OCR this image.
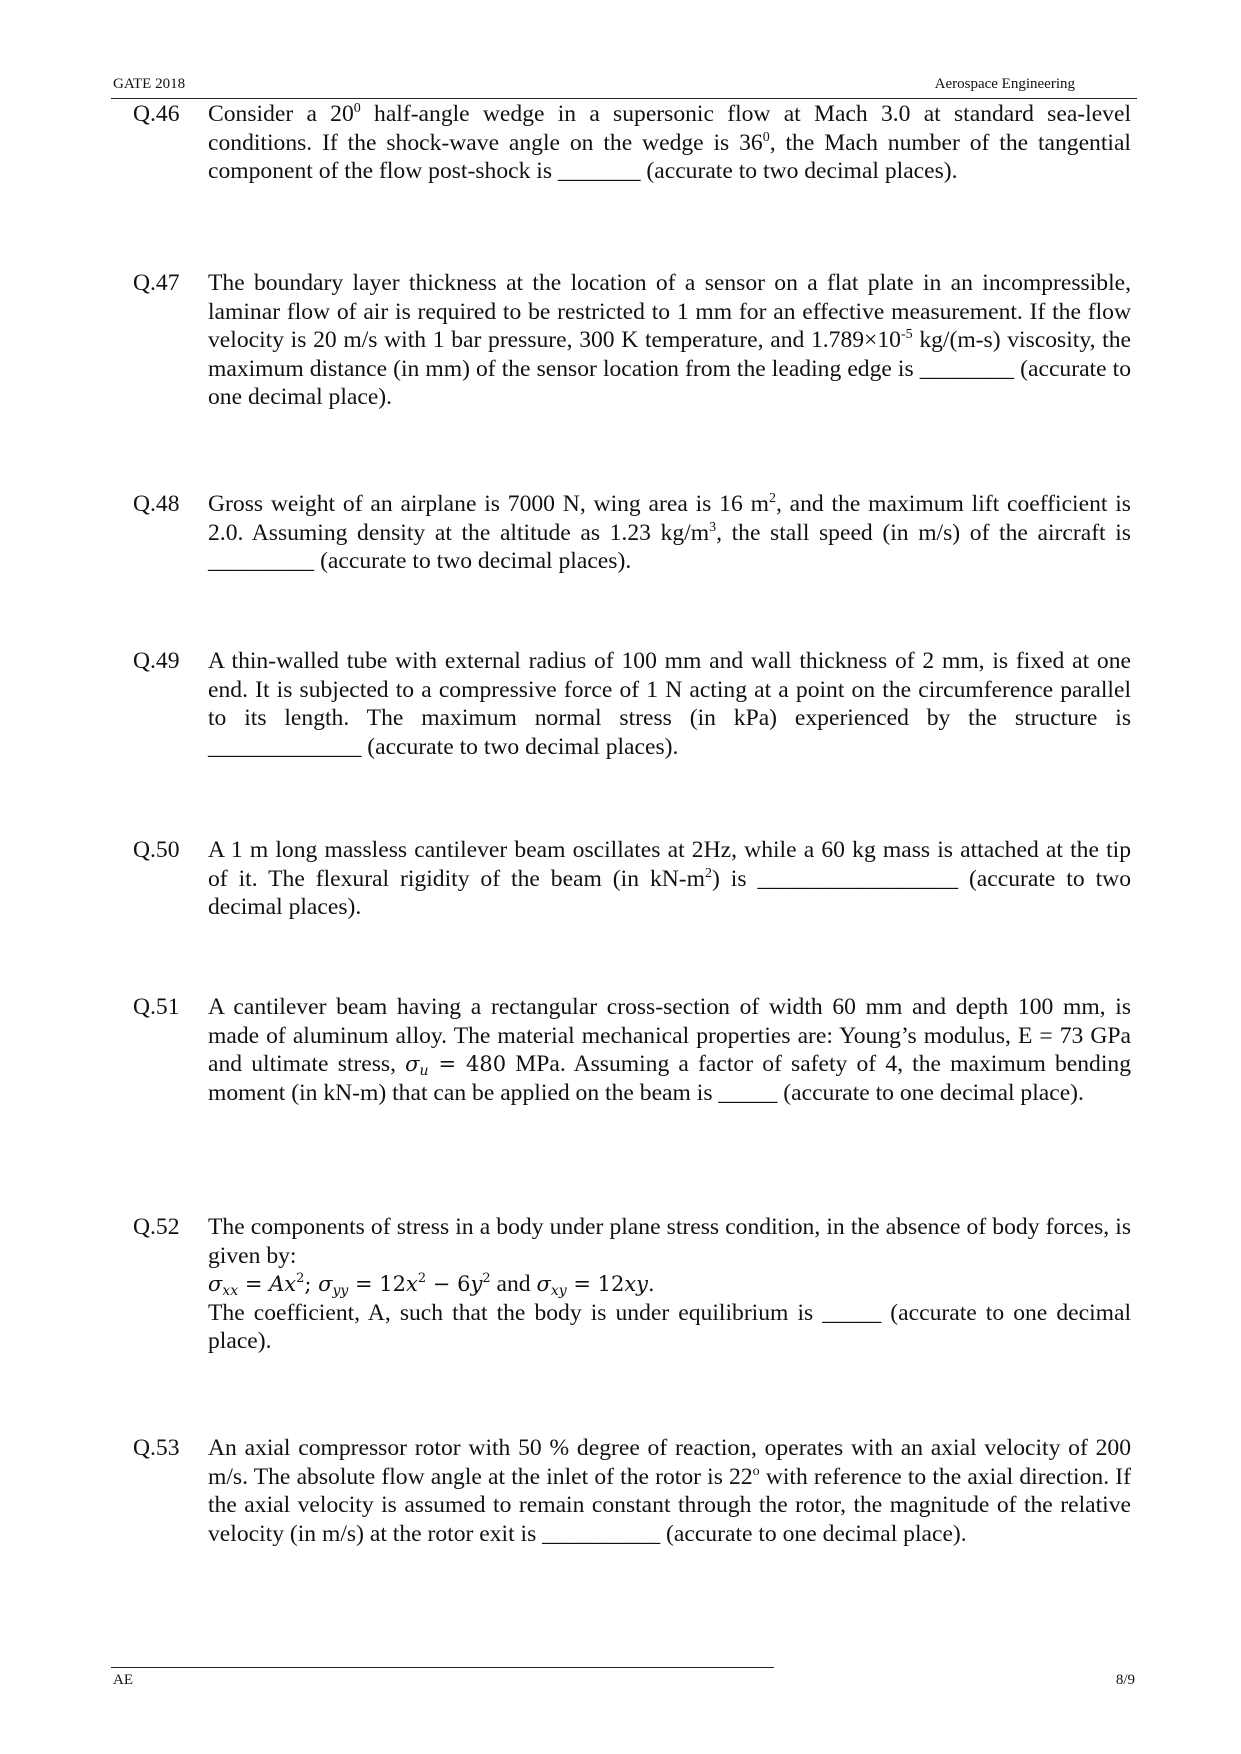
GATE 2018	Aerospace Engineering
Q.46 Consider a $20^0$ half-angle wedge in a supersonic flow at Mach 3.0 at standard sea-level conditions. If the shock-wave angle on the wedge is $36^0$, the Mach number of the tangential component of the flow post-shock is _______ (accurate to two decimal places).
Q.47 The boundary layer thickness at the location of a sensor on a flat plate in an incompressible, laminar flow of air is required to be restricted to 1 mm for an effective measurement. If the flow velocity is 20 m/s with 1 bar pressure, 300 K temperature, and $1.789\times 10^{-5}$ kg/(m-s) viscosity, the maximum distance (in mm) of the sensor location from the leading edge is ________ (accurate to one decimal place).
Q.48 Gross weight of an airplane is 7000 N, wing area is 16 $m^2$, and the maximum lift coefficient is 2.0. Assuming density at the altitude as 1.23 $kg/m^3$, the stall speed (in m/s) of the aircraft is _________ (accurate to two decimal places).
Q.49 A thin-walled tube with external radius of 100 mm and wall thickness of 2 mm, is fixed at one end. It is subjected to a compressive force of 1 N acting at a point on the circumference parallel to its length. The maximum normal stress (in kPa) experienced by the structure is _____________ (accurate to two decimal places).
Q.50 A 1 m long massless cantilever beam oscillates at 2Hz, while a 60 kg mass is attached at the tip of it. The flexural rigidity of the beam (in $kN-m^2$) is _________________ (accurate to two decimal places).
Q.51 A cantilever beam having a rectangular cross-section of width 60 mm and depth 100 mm, is made of aluminum alloy. The material mechanical properties are: Young’s modulus, E = 73 GPa and ultimate stress, $\sigma_u = 480$ MPa. Assuming a factor of safety of 4, the maximum bending moment (in kN-m) that can be applied on the beam is _____ (accurate to one decimal place).
Q.52 The components of stress in a body under plane stress condition, in the absence of body forces, is given by:
$\sigma_{xx} = Ax^2$; $\sigma_{yy} = 12x^2 - 6y^2$ and $\sigma_{xy} = 12xy$.
The coefficient, A, such that the body is under equilibrium is _____ (accurate to one decimal place).
Q.53 An axial compressor rotor with 50 % degree of reaction, operates with an axial velocity of 200 m/s. The absolute flow angle at the inlet of the rotor is 22$^o$ with reference to the axial direction. If the axial velocity is assumed to remain constant through the rotor, the magnitude of the relative velocity (in m/s) at the rotor exit is __________ (accurate to one decimal place).
AE	8/9
